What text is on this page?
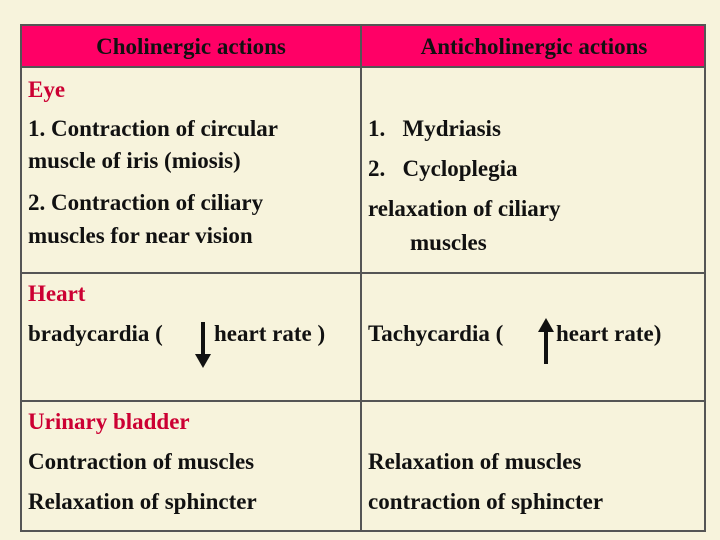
Cholinergic actions	Anticholinergic actions
Eye
1. Contraction of circular
muscle of iris (miosis)
2. Contraction of ciliary
muscles for near vision
1.   Mydriasis
2.   Cycloplegia
relaxation of ciliary
muscles
Heart
bradycardia ( heart rate ) Tachycardia ( heart rate)
Urinary bladder
Contraction of muscles
Relaxation of sphincter
Relaxation of muscles
contraction of sphincter
